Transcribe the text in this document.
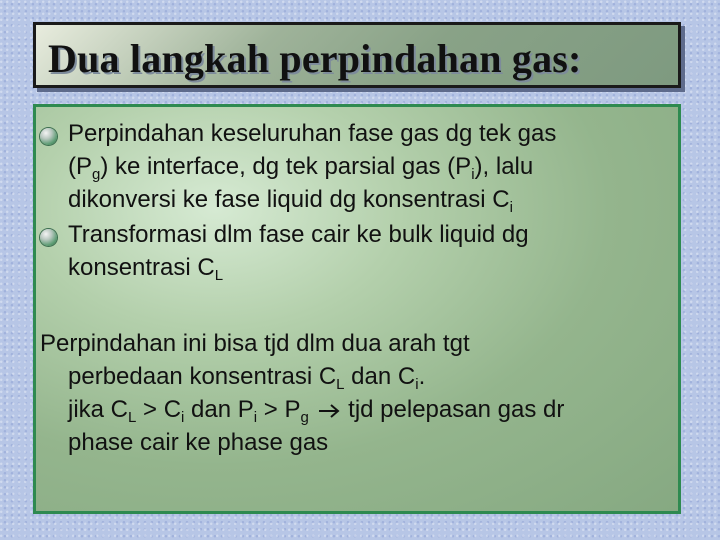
Dua langkah perpindahan gas:
Perpindahan keseluruhan fase gas dg tek gas
$(P_g)$ ke interface, dg tek parsial gas $(P_i)$, lalu
dikonversi ke fase liquid dg konsentrasi $C_i$
Transformasi dlm fase cair ke bulk liquid dg
konsentrasi $C_L$
Perpindahan ini bisa tjd dlm dua arah tgt
perbedaan konsentrasi $C_L$ dan $C_i$.
jika $C_L > C_i$ dan $P_i > P_g$  tjd pelepasan gas dr
phase cair ke phase gas
